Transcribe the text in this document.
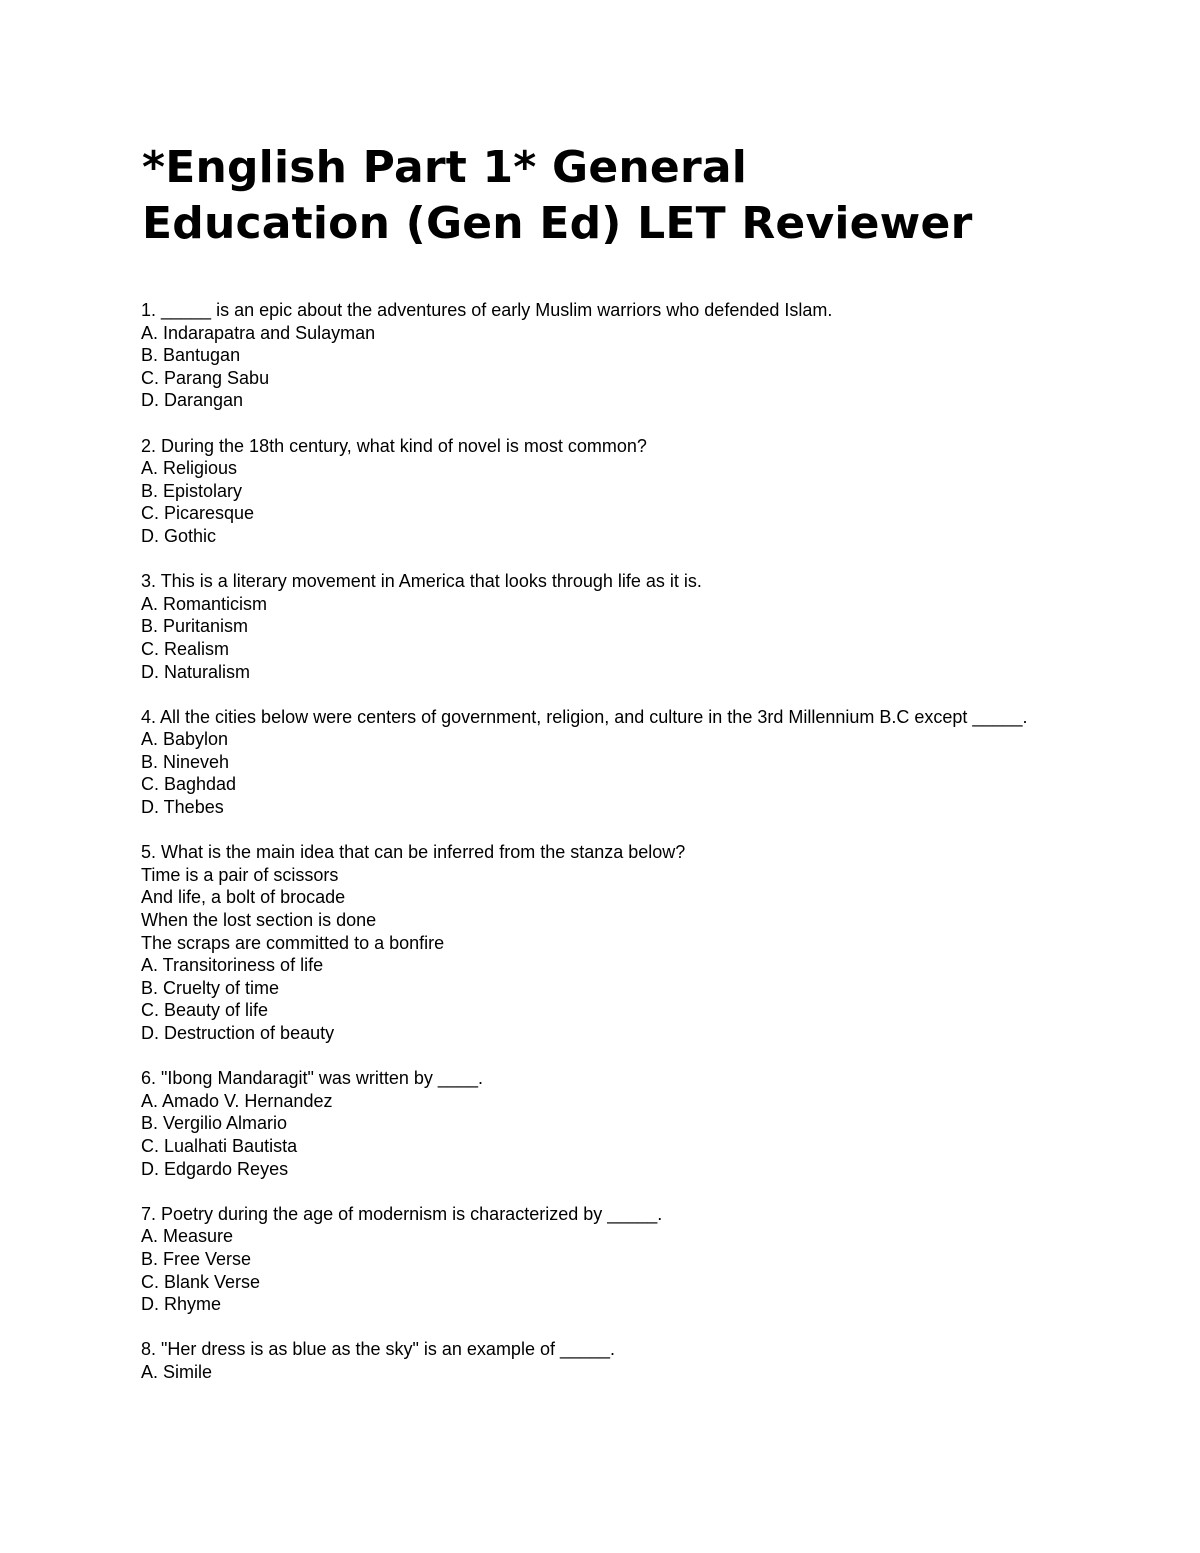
*English Part 1* General
Education (Gen Ed) LET Reviewer
1. _____ is an epic about the adventures of early Muslim warriors who defended Islam.
A. Indarapatra and Sulayman
B. Bantugan
C. Parang Sabu
D. Darangan
2. During the 18th century, what kind of novel is most common?
A. Religious
B. Epistolary
C. Picaresque
D. Gothic
3. This is a literary movement in America that looks through life as it is.
A. Romanticism
B. Puritanism
C. Realism
D. Naturalism
4. All the cities below were centers of government, religion, and culture in the 3rd Millennium B.C except _____.
A. Babylon
B. Nineveh
C. Baghdad
D. Thebes
5. What is the main idea that can be inferred from the stanza below?
Time is a pair of scissors
And life, a bolt of brocade
When the lost section is done
The scraps are committed to a bonfire
A. Transitoriness of life
B. Cruelty of time
C. Beauty of life
D. Destruction of beauty
6. "Ibong Mandaragit" was written by ____.
A. Amado V. Hernandez
B. Vergilio Almario
C. Lualhati Bautista
D. Edgardo Reyes
7. Poetry during the age of modernism is characterized by _____.
A. Measure
B. Free Verse
C. Blank Verse
D. Rhyme
8. "Her dress is as blue as the sky" is an example of _____.
A. Simile
